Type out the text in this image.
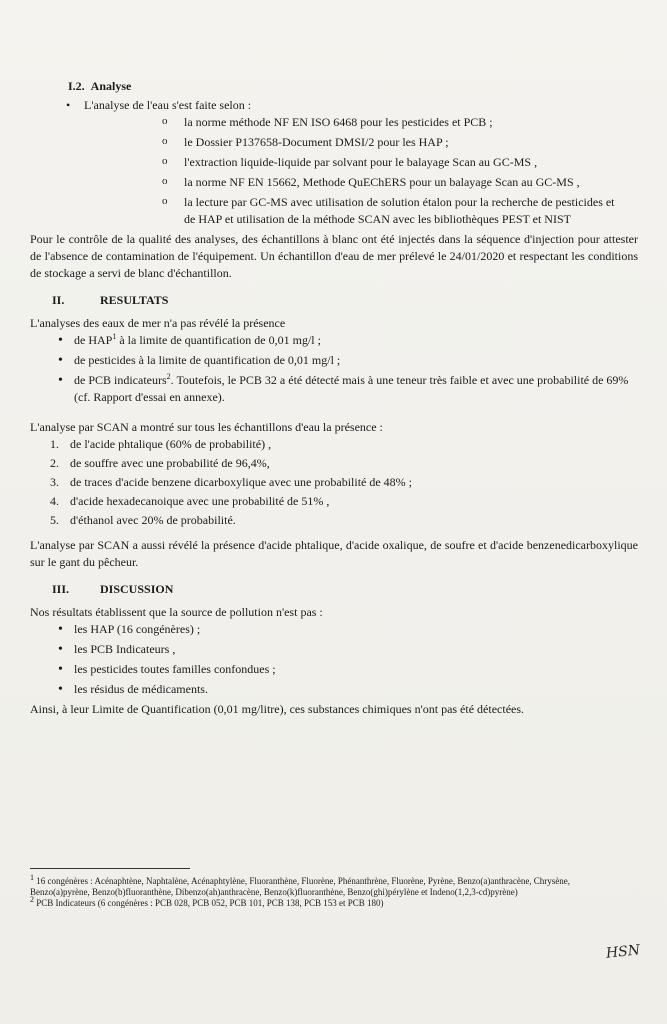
I.2. Analyse
• L'analyse de l'eau s'est faite selon :
o la norme méthode NF EN ISO 6468 pour les pesticides et PCB ;
o le Dossier P137658-Document DMSI/2 pour les HAP ;
o l'extraction liquide-liquide par solvant pour le balayage Scan au GC-MS ,
o la norme NF EN 15662, Methode QuEChERS pour un balayage Scan au GC-MS ,
o la lecture par GC-MS avec utilisation de solution étalon pour la recherche de pesticides et de HAP et utilisation de la méthode SCAN avec les bibliothèques PEST et NIST

Pour le contrôle de la qualité des analyses, des échantillons à blanc ont été injectés dans la séquence d'injection pour attester de l'absence de contamination de l'équipement. Un échantillon d'eau de mer prélevé le 24/01/2020 et respectant les conditions de stockage a servi de blanc d'échantillon.

II.	RESULTATS
L'analyses des eaux de mer n'a pas révélé la présence
• de HAP$^1$ à la limite de quantification de 0,01 mg/l ;
• de pesticides à la limite de quantification de 0,01 mg/l ;
• de PCB indicateurs$^2$. Toutefois, le PCB 32 a été détecté mais à une teneur très faible et avec une probabilité de 69% (cf. Rapport d'essai en annexe).
L'analyse par SCAN a montré sur tous les échantillons d'eau la présence :
1. de l'acide phtalique (60% de probabilité) ,
2. de souffre avec une probabilité de 96,4%,
3. de traces d'acide benzene dicarboxylique avec une probabilité de 48% ;
4. d'acide hexadecanoique avec une probabilité de 51% ,
5. d'éthanol avec 20% de probabilité.

L'analyse par SCAN a aussi révélé la présence d'acide phtalique, d'acide oxalique, de soufre et d'acide benzenedicarboxylique sur le gant du pêcheur.

III.	DISCUSSION
Nos résultats établissent que la source de pollution n'est pas :
• les HAP (16 congénères) ;
• les PCB Indicateurs ,
• les pesticides toutes familles confondues ;
• les résidus de médicaments.

Ainsi, à leur Limite de Quantification (0,01 mg/litre), ces substances chimiques n'ont pas été détectées.

$^1$ 16 congénères : Acénaphtène, Naphtalène, Acénaphtylène, Fluoranthène, Fluorène, Phénanthrène, Fluorène, Pyrène, Benzo(a)anthracène, Chrysène, Benzo(a)pyrène, Benzo(b)fluoranthène, Dibenzo(ah)anthracène, Benzo(k)fluoranthène, Benzo(ghi)pérylène et Indeno(1,2,3-cd)pyrène)

$^2$ PCB Indicateurs (6 congénères : PCB 028, PCB 052, PCB 101, PCB 138, PCB 153 et PCB 180)

HSN
